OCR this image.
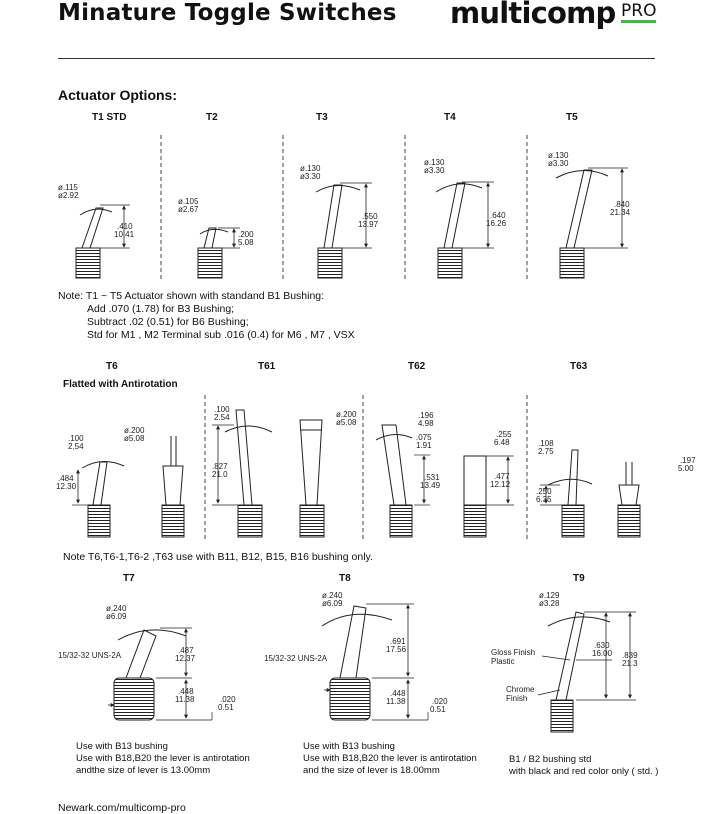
Minature Toggle Switches multicomp PRO
Actuator Options:
T1 STD	T2	T3	T4	T5
ø.115
ø2.92
.410
10.41
ø.105
ø2.67
.200
5.08
ø.130
ø3.30
.550
13.97
ø.130
ø3.30
.640
16.26
ø.130
ø3.30
.840
21.34
Note: T1 ~ T5 Actuator shown with standand B1 Bushing:
Add .070 (1.78) for B3 Bushing;
Subtract .02 (0.51) for B6 Bushing;
Std for M1 , M2 Terminal sub .016 (0.4) for M6 , M7 , VSX
T6	T61	T62	T63
Flatted with Antirotation
.100
2.54
.484
12.30
ø.200
ø5.08
.100
2.54
.827
21.0
ø.200
ø5.08
.196
4.98
.075
1.91
.531
13.49
.255
6.48
.477
12.12
.108
2.75
.250
6.35
.197
5.00
Note T6,T6-1,T6-2 ,T63 use with B11, B12, B15, B16 bushing only.
T7	T8	T9
ø.240
ø6.09
.487
12.37
15/32-32 UNS-2A
.448
11.38	.020
0.51
ø.240
ø6.09
.691
17.56
15/32-32 UNS-2A
.448
11.38	.020
0.51
ø.129
ø3.28
.630
16.00 .839
21.3
Gloss Finish
Plastic
Chrome
Finish
Use with B13 bushing
Use with B18,B20 the lever is antirotation
andthe size of lever is 13.00mm
Use with B13 bushing
Use with B18,B20 the lever is antirotation
and the size of lever is 18.00mm
B1 / B2 bushing std
with black and red color only ( std. )
Newark.com/multicomp-pro
